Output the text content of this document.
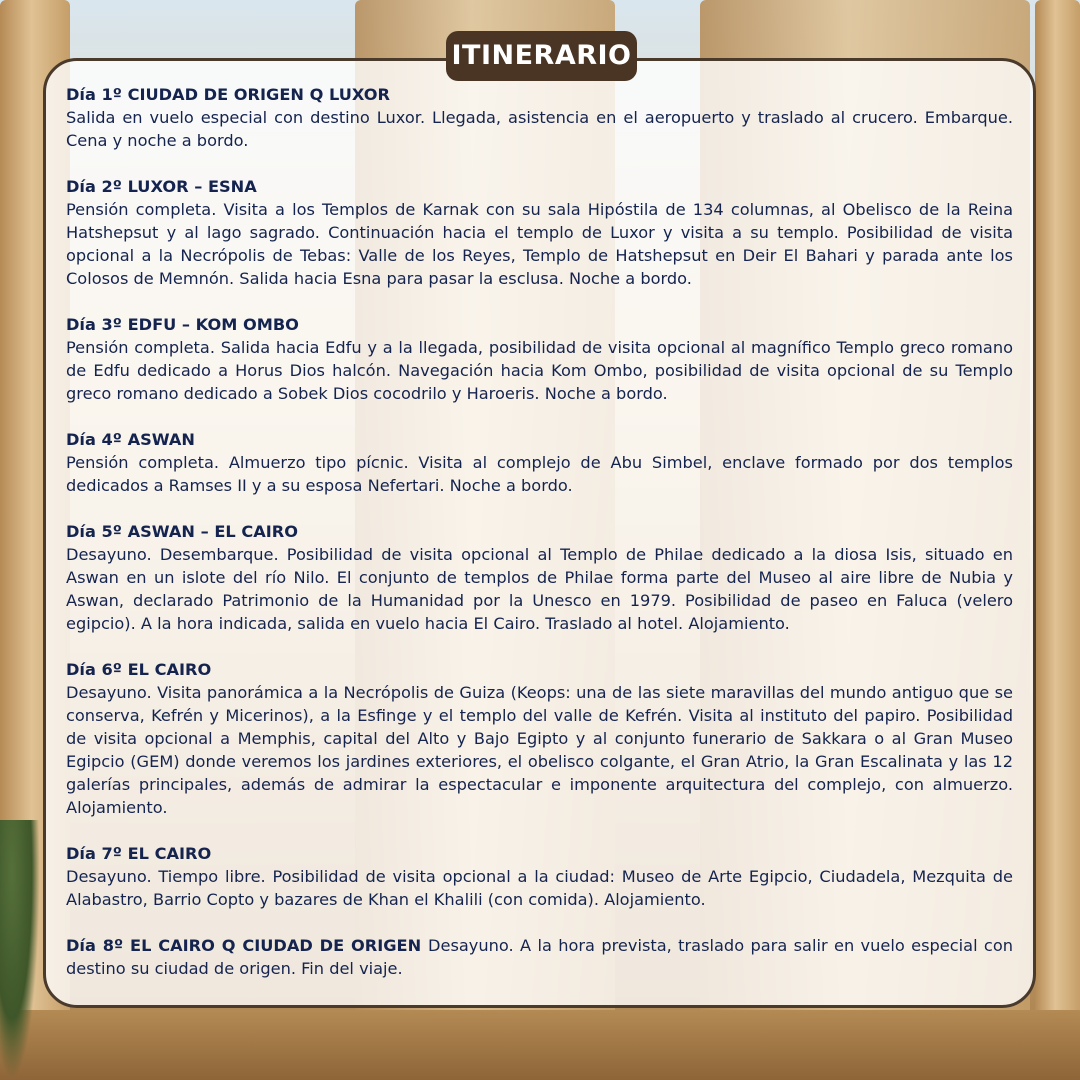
ITINERARIO
Día 1º CIUDAD DE ORIGEN Q LUXOR
Salida en vuelo especial con destino Luxor. Llegada, asistencia en el aeropuerto y traslado al crucero. Embarque. Cena y noche a bordo.
Día 2º LUXOR – ESNA
Pensión completa. Visita a los Templos de Karnak con su sala Hipóstila de 134 columnas, al Obelisco de la Reina Hatshepsut y al lago sagrado. Continuación hacia el templo de Luxor y visita a su templo. Posibilidad de visita opcional a la Necrópolis de Tebas: Valle de los Reyes, Templo de Hatshepsut en Deir El Bahari y parada ante los Colosos de Memnón. Salida hacia Esna para pasar la esclusa. Noche a bordo.
Día 3º EDFU – KOM OMBO
Pensión completa. Salida hacia Edfu y a la llegada, posibilidad de visita opcional al magnífico Templo greco romano de Edfu dedicado a Horus Dios halcón. Navegación hacia Kom Ombo, posibilidad de visita opcional de su Templo greco romano dedicado a Sobek Dios cocodrilo y Haroeris. Noche a bordo.
Día 4º ASWAN
Pensión completa. Almuerzo tipo pícnic. Visita al complejo de Abu Simbel, enclave formado por dos templos dedicados a Ramses II y a su esposa Nefertari. Noche a bordo.
Día 5º ASWAN – EL CAIRO
Desayuno. Desembarque. Posibilidad de visita opcional al Templo de Philae dedicado a la diosa Isis, situado en Aswan en un islote del río Nilo. El conjunto de templos de Philae forma parte del Museo al aire libre de Nubia y Aswan, declarado Patrimonio de la Humanidad por la Unesco en 1979. Posibilidad de paseo en Faluca (velero egipcio). A la hora indicada, salida en vuelo hacia El Cairo. Traslado al hotel. Alojamiento.
Día 6º EL CAIRO
Desayuno. Visita panorámica a la Necrópolis de Guiza (Keops: una de las siete maravillas del mundo antiguo que se conserva, Kefrén y Micerinos), a la Esfinge y el templo del valle de Kefrén. Visita al instituto del papiro. Posibilidad de visita opcional a Memphis, capital del Alto y Bajo Egipto y al conjunto funerario de Sakkara o al Gran Museo Egipcio (GEM) donde veremos los jardines exteriores, el obelisco colgante, el Gran Atrio, la Gran Escalinata y las 12 galerías principales, además de admirar la espectacular e imponente arquitectura del complejo, con almuerzo. Alojamiento.
Día 7º EL CAIRO
Desayuno. Tiempo libre. Posibilidad de visita opcional a la ciudad: Museo de Arte Egipcio, Ciudadela, Mezquita de Alabastro, Barrio Copto y bazares de Khan el Khalili (con comida). Alojamiento.
Día 8º EL CAIRO Q CIUDAD DE ORIGEN Desayuno. A la hora prevista, traslado para salir en vuelo especial con destino su ciudad de origen. Fin del viaje.
